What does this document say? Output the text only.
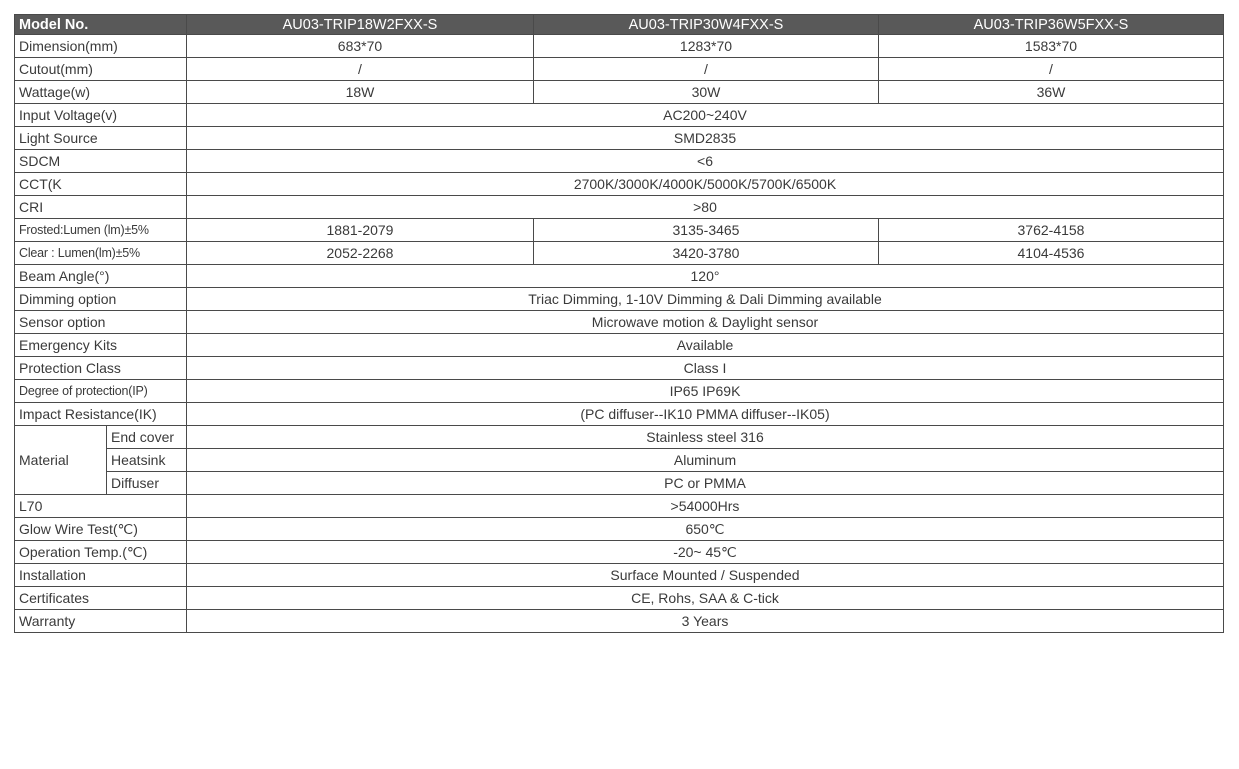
Model No.		AU03-TRIP18W2FXX-S	AU03-TRIP30W4FXX-S	AU03-TRIP36W5FXX-S
Dimension(mm)		683*70	1283*70	1583*70
Cutout(mm)		/	/	/
Wattage(w)		18W	30W	36W
Input Voltage(v)		AC200~240V		
Light Source		SMD2835		
SDCM		<6		
CCT(K		2700K/3000K/4000K/5000K/5700K/6500K		
CRI		>80		
Frosted:Lumen (lm)±5%		1881-2079	3135-3465	3762-4158
Clear : Lumen(lm)±5%		2052-2268	3420-3780	4104-4536
Beam Angle(°)		120°		
Dimming option		Triac Dimming, 1-10V Dimming & Dali Dimming available		
Sensor option		Microwave motion & Daylight sensor		
Emergency Kits		Available		
Protection Class		Class I		
Degree of protection(IP)		IP65 IP69K		
Impact Resistance(IK)		(PC diffuser--IK10 PMMA diffuser--IK05)		
Material	End cover	Stainless steel 316		
	Heatsink	Aluminum		
	Diffuser	PC or PMMA		
L70		>54000Hrs		
Glow Wire Test(℃)		650℃		
Operation Temp.(℃)		-20~ 45℃		
Installation		Surface Mounted / Suspended		
Certificates		CE, Rohs, SAA & C-tick		
Warranty		3 Years		
